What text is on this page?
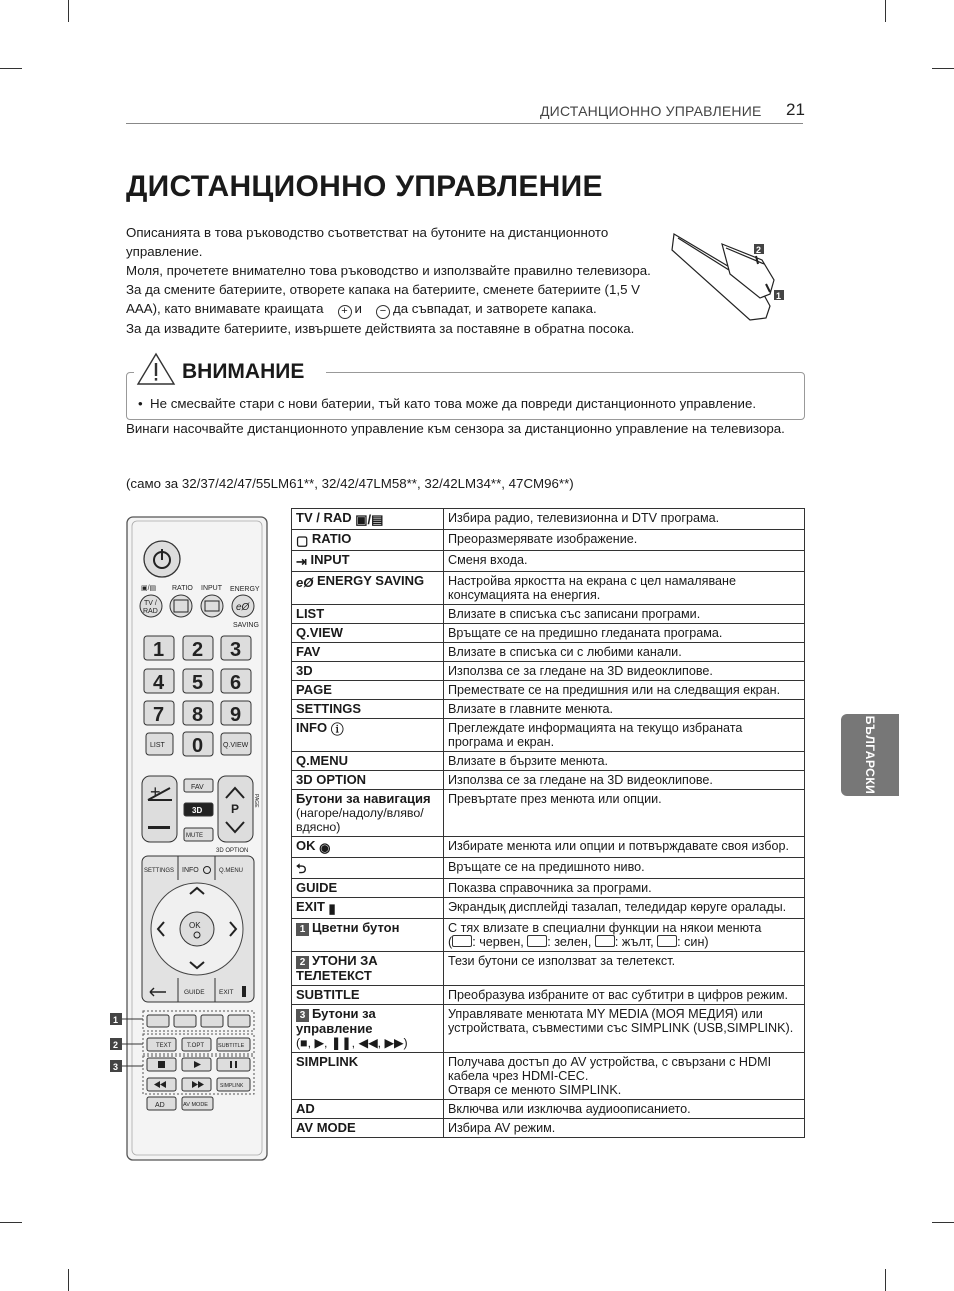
ДИСТАНЦИОННО УПРАВЛЕНИЕ 21
ДИСТАНЦИОННО УПРАВЛЕНИЕ

Описанията в това ръководство съответстват на бутоните на дистанционното управление.

Моля, прочетете внимателно това ръководство и използвайте правилно телевизора.

За да смените батериите, отворете капака на батериите, сменете батериите (1,5 V AAA), като внимавате краищата + и − да съвпадат, и затворете капака.

За да извадите батериите, извършете действията за поставяне в обратна посока.

2
1
ВНИМАНИЕ
• Не смесвайте стари с нови батерии, тъй като това може да повреди дистанционното управление.
Винаги насочвайте дистанционното управление към сензора за дистанционно управление на телевизора.
(само за 32/37/42/47/55LM61**, 32/42/47LM58**, 32/42LM34**, 47CM96**)
БЪЛГАРСКИ
▣/▤ RATIO INPUT ENERGY
SAVING
TV /
RAD	eØ
1 2 3
4 5 6
7 8 9
0
LIST	Q.VIEW
+
P
PAGE
FAV
3D
MUTE
3D OPTION
SETTINGS INFO	Q.MENU
OK
GUIDE EXIT
TEXT	T.OPT	SUBTITLE
SIMPLINK
AD	AV MODE
1
2
3
TV / RAD ▣/▤	Избира радио, телевизионна и DTV програма.
▢ RATIO	Преоразмерявате изображение.
⇥ INPUT	Сменя входа.
eØ ENERGY SAVING	Настройва яркостта на екрана с цел намаляване консумацията на енергия.
LIST	Влизате в списъка със записани програми.
Q.VIEW	Връщате се на предишно гледаната програма.
FAV	Влизате в списъка си с любими канали.
3D	Използва се за гледане на 3D видеоклипове.
PAGE	Премествате се на предишния или на следващия екран.
SETTINGS	Влизате в главните менюта.
INFO ⓘ	Преглеждате информацията на текущо избраната програма и екран.
Q.MENU	Влизате в бързите менюта.
3D OPTION	Използва се за гледане на 3D видеоклипове.
Бутони за навигация
(нагоре/надолу/вляво/вдясно)	Превъртате през менюта или опции.
OK ◉	Избирате менюта или опции и потвърждавате своя избор.
⮌	Връщате се на предишното ниво.
GUIDE	Показва справочника за програми.
EXIT ▮	Экрандық дисплейді тазалап, теледидар көруге оралады.
1 Цветни бутон	С тях влизате в специални функции на някои менюта
( : червен, : зелен, : жълт, : син)
2 УТОНИ ЗА ТЕЛЕТЕКСТ	Тези бутони се използват за телетекст.
SUBTITLE	Преобразува избраните от вас субтитри в цифров режим.
3 Бутони за управление
(■, ▶, ❚❚, ◀◀, ▶▶)	Управлявате менютата MY MEDIA (МОЯ МЕДИЯ) или устройствата, съвместими със SIMPLINK (USB,SIMPLINK).
SIMPLINK	Получава достъп до AV устройства, с свързани с HDMI кабела чрез HDMI-CEC.
Отваря се менюто SIMPLINK.
AD	Включва или изключва аудиоописанието.
AV MODE	Избира AV режим.
